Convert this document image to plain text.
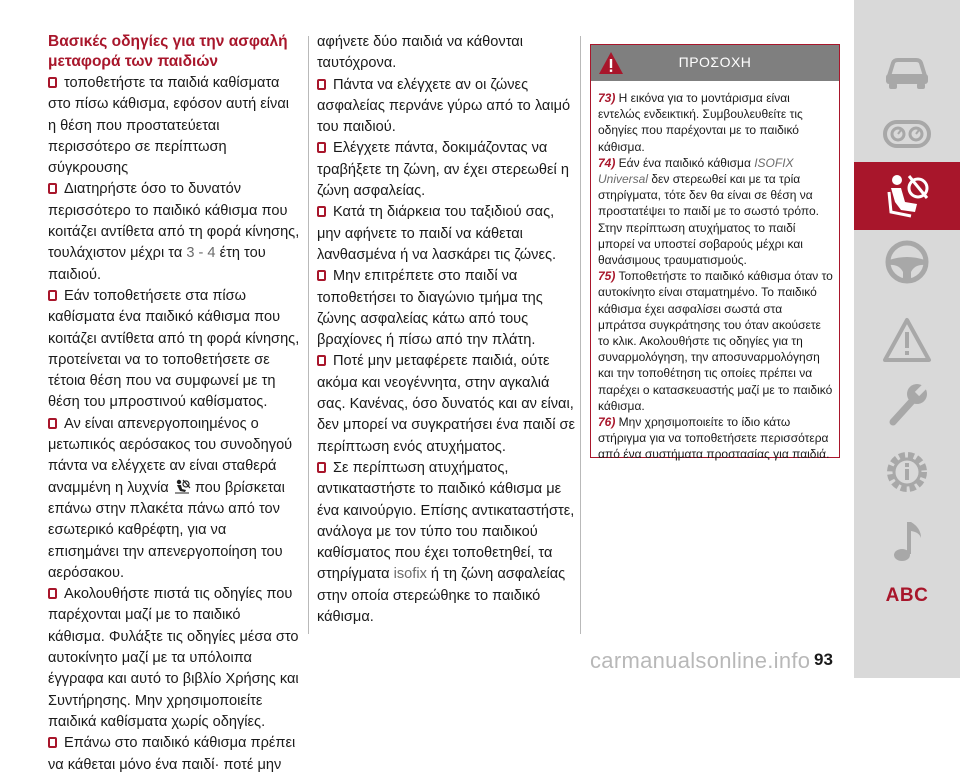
Βασικές οδηγίες για την ασφαλή μεταφορά των παιδιών

τοποθετήστε τα παιδιά καθίσματα στο πίσω κάθισμα, εφόσον αυτή είναι η θέση που προστατεύεται περισσότερο σε περίπτωση σύγκρουσης

Διατηρήστε όσο το δυνατόν περισσότερο το παιδικό κάθισμα που κοιτάζει αντίθετα από τη φορά κίνησης, τουλάχιστον μέχρι τα 3 - 4 έτη του παιδιού.

Εάν τοποθετήσετε στα πίσω καθίσματα ένα παιδικό κάθισμα που κοιτάζει αντίθετα από τη φορά κίνησης, προτείνεται να το τοποθετήσετε σε τέτοια θέση που να συμφωνεί με τη θέση του μπροστινού καθίσματος.

Αν είναι απενεργοποιημένος ο μετωπικός αερόσακος του συνοδηγού πάντα να ελέγχετε αν είναι σταθερά αναμμένη η λυχνία  που βρίσκεται επάνω στην πλακέτα πάνω από τον εσωτερικό καθρέφτη, για να επισημάνει την απενεργοποίηση του αερόσακου.

Ακολουθήστε πιστά τις οδηγίες που παρέχονται μαζί με το παιδικό κάθισμα. Φυλάξτε τις οδηγίες μέσα στο αυτοκίνητο μαζί με τα υπόλοιπα έγγραφα και αυτό το βιβλίο Χρήσης και Συντήρησης. Μην χρησιμοποιείτε παιδικά καθίσματα χωρίς οδηγίες.

Επάνω στο παιδικό κάθισμα πρέπει να κάθεται μόνο ένα παιδί· ποτέ μην

αφήνετε δύο παιδιά να κάθονται ταυτόχρονα.

Πάντα να ελέγχετε αν οι ζώνες ασφαλείας περνάνε γύρω από το λαιμό του παιδιού.

Ελέγχετε πάντα, δοκιμάζοντας να τραβήξετε τη ζώνη, αν έχει στερεωθεί η ζώνη ασφαλείας.

Κατά τη διάρκεια του ταξιδιού σας, μην αφήνετε το παιδί να κάθεται λανθασμένα ή να λασκάρει τις ζώνες.

Μην επιτρέπετε στο παιδί να τοποθετήσει το διαγώνιο τμήμα της ζώνης ασφαλείας κάτω από τους βραχίονες ή πίσω από την πλάτη.

Ποτέ μην μεταφέρετε παιδιά, ούτε ακόμα και νεογέννητα, στην αγκαλιά σας. Κανένας, όσο δυνατός και αν είναι, δεν μπορεί να συγκρατήσει ένα παιδί σε περίπτωση ενός ατυχήματος.

Σε περίπτωση ατυχήματος, αντικαταστήστε το παιδικό κάθισμα με ένα καινούργιο. Επίσης αντικαταστήστε, ανάλογα με τον τύπο του παιδικού καθίσματος που έχει τοποθετηθεί, τα στηρίγματα isofix ή τη ζώνη ασφαλείας στην οποία στερεώθηκε το παιδικό κάθισμα.

ΠΡΟΣΟΧΗ

73) Η εικόνα για το μοντάρισμα είναι εντελώς ενδεικτική. Συμβουλευθείτε τις οδηγίες που παρέχονται με το παιδικό κάθισμα.

74) Εάν ένα παιδικό κάθισμα ISOFIX Universal δεν στερεωθεί και με τα τρία στηρίγματα, τότε δεν θα είναι σε θέση να προστατέψει το παιδί με το σωστό τρόπο. Στην περίπτωση ατυχήματος το παιδί μπορεί να υποστεί σοβαρούς μέχρι και θανάσιμους τραυματισμούς.

75) Τοποθετήστε το παιδικό κάθισμα όταν το αυτοκίνητο είναι σταματημένο. Το παιδικό κάθισμα έχει ασφαλίσει σωστά στα μπράτσα συγκράτησης του όταν ακούσετε το κλικ. Ακολουθήστε τις οδηγίες για τη συναρμολόγηση, την αποσυναρμολόγηση και την τοποθέτηση τις οποίες πρέπει να παρέχει ο κατασκευαστής μαζί με το παιδικό κάθισμα.

76) Μην χρησιμοποιείτε το ίδιο κάτω στήριγμα για να τοποθετήσετε περισσότερα από ένα συστήματα προστασίας για παιδιά.

ABC
carmanualsonline.info 93
